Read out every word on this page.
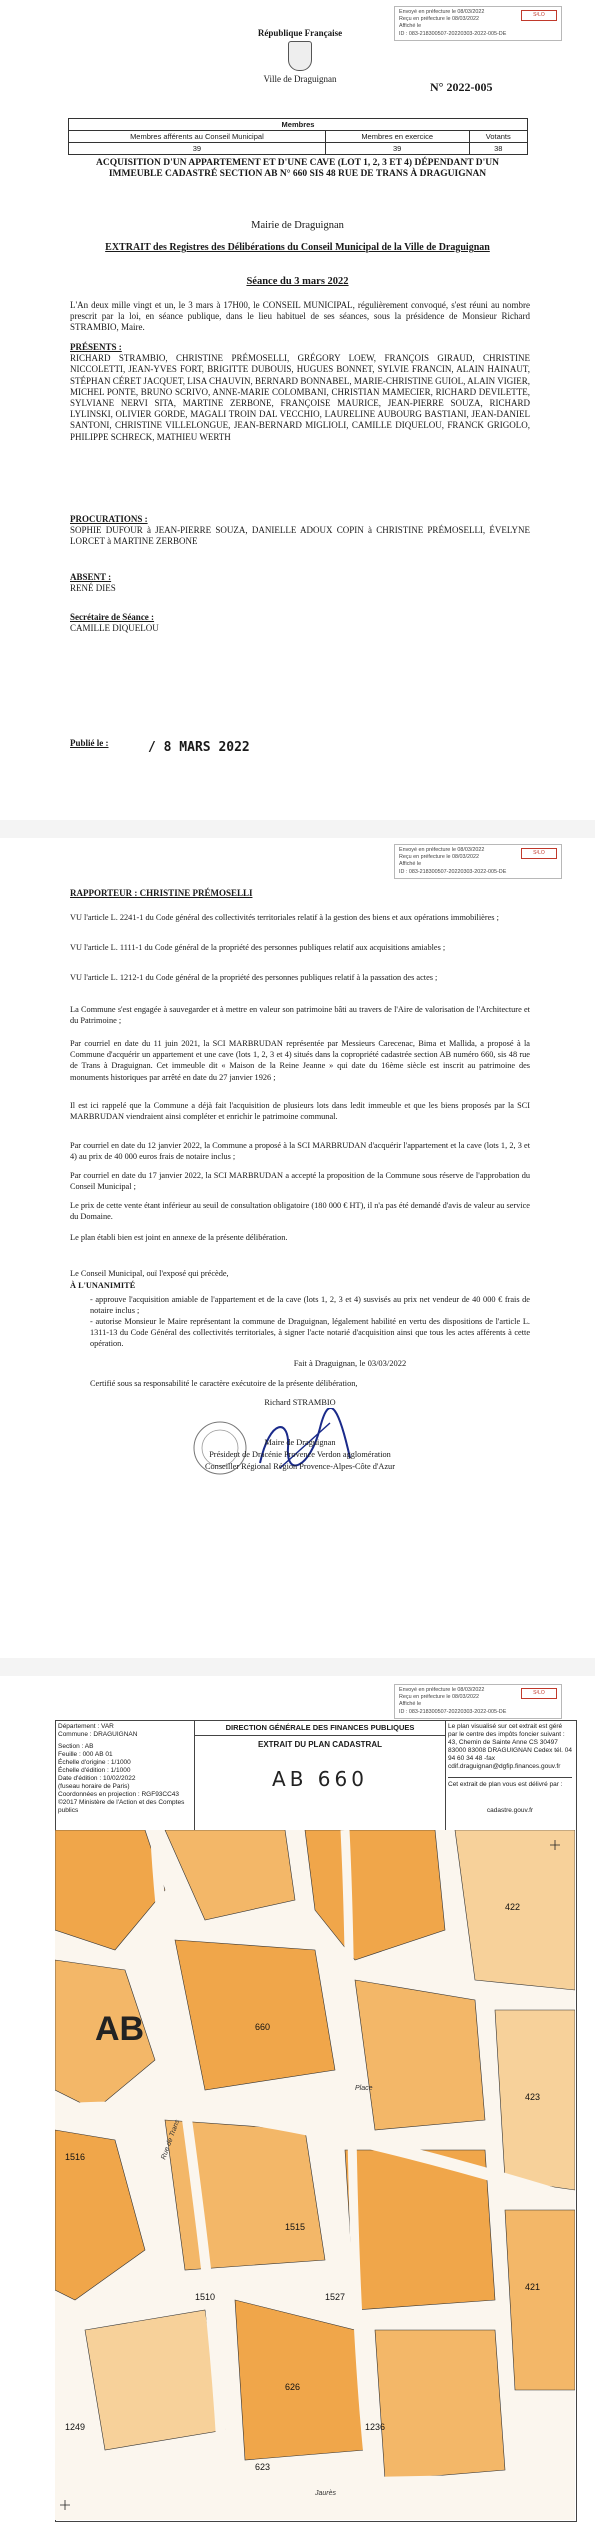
Envoyé en préfecture le 08/03/2022
Reçu en préfecture le 08/03/2022
Affiché le
ID : 083-218300507-20220303-2022-005-DE
S²LO
République Française
Ville de Draguignan
N° 2022-005
Membres		
Membres afférents au Conseil Municipal	Membres en exercice	Votants
39	39	38
ACQUISITION D'UN APPARTEMENT ET D'UNE CAVE (LOT 1, 2, 3 ET 4) DÉPENDANT D'UN IMMEUBLE CADASTRÉ SECTION AB N° 660 SIS 48 RUE DE TRANS À DRAGUIGNAN
Mairie de Draguignan
EXTRAIT des Registres des Délibérations du Conseil Municipal de la Ville de Draguignan
Séance du 3 mars 2022
L'An deux mille vingt et un, le 3 mars à 17H00, le CONSEIL MUNICIPAL, régulièrement convoqué, s'est réuni au nombre prescrit par la loi, en séance publique, dans le lieu habituel de ses séances, sous la présidence de Monsieur Richard STRAMBIO, Maire.
PRÉSENTS :
RICHARD STRAMBIO, CHRISTINE PRÉMOSELLI, GRÉGORY LOEW, FRANÇOIS GIRAUD, CHRISTINE NICCOLETTI, JEAN-YVES FORT, BRIGITTE DUBOUIS, HUGUES BONNET, SYLVIE FRANCIN, ALAIN HAINAUT, STÉPHAN CÉRET JACQUET, LISA CHAUVIN, BERNARD BONNABEL, MARIE-CHRISTINE GUIOL, ALAIN VIGIER, MICHEL PONTE, BRUNO SCRIVO, ANNE-MARIE COLOMBANI, CHRISTIAN MAMECIER, RICHARD DEVILETTE, SYLVIANE NERVI SITA, MARTINE ZERBONE, FRANÇOISE MAURICE, JEAN-PIERRE SOUZA, RICHARD LYLINSKI, OLIVIER GORDE, MAGALI TROIN DAL VECCHIO, LAURELINE AUBOURG BASTIANI, JEAN-DANIEL SANTONI, CHRISTINE VILLELONGUE, JEAN-BERNARD MIGLIOLI, CAMILLE DIQUELOU, FRANCK GRIGOLO, PHILIPPE SCHRECK, MATHIEU WERTH
PROCURATIONS :
SOPHIE DUFOUR à JEAN-PIERRE SOUZA, DANIELLE ADOUX COPIN à CHRISTINE PRÉMOSELLI, ÉVELYNE LORCET à MARTINE ZERBONE
ABSENT :
RENÉ DIES
Secrétaire de Séance :
CAMILLE DIQUELOU
Publié le :	/ 8 MARS 2022
Envoyé en préfecture le 08/03/2022
Reçu en préfecture le 08/03/2022
Affiché le
ID : 083-218300507-20220303-2022-005-DE
S²LO
RAPPORTEUR : CHRISTINE PRÉMOSELLI
VU l'article L. 2241-1 du Code général des collectivités territoriales relatif à la gestion des biens et aux opérations immobilières ;
VU l'article L. 1111-1 du Code général de la propriété des personnes publiques relatif aux acquisitions amiables ;
VU l'article L. 1212-1 du Code général de la propriété des personnes publiques relatif à la passation des actes ;
La Commune s'est engagée à sauvegarder et à mettre en valeur son patrimoine bâti au travers de l'Aire de valorisation de l'Architecture et du Patrimoine ;
Par courriel en date du 11 juin 2021, la SCI MARBRUDAN représentée par Messieurs Carecenac, Bima et Mallida, a proposé à la Commune d'acquérir un appartement et une cave (lots 1, 2, 3 et 4) situés dans la copropriété cadastrée section AB numéro 660, sis 48 rue de Trans à Draguignan. Cet immeuble dit « Maison de la Reine Jeanne » qui date du 16ème siècle est inscrit au patrimoine des monuments historiques par arrêté en date du 27 janvier 1926 ;
Il est ici rappelé que la Commune a déjà fait l'acquisition de plusieurs lots dans ledit immeuble et que les biens proposés par la SCI MARBRUDAN viendraient ainsi compléter et enrichir le patrimoine communal.
Par courriel en date du 12 janvier 2022, la Commune a proposé à la SCI MARBRUDAN d'acquérir l'appartement et la cave (lots 1, 2, 3 et 4) au prix de 40 000 euros frais de notaire inclus ;
Par courriel en date du 17 janvier 2022, la SCI MARBRUDAN a accepté la proposition de la Commune sous réserve de l'approbation du Conseil Municipal ;
Le prix de cette vente étant inférieur au seuil de consultation obligatoire (180 000 € HT), il n'a pas été demandé d'avis de valeur au service du Domaine.
Le plan établi bien est joint en annexe de la présente délibération.
Le Conseil Municipal, ouï l'exposé qui précède,
À L'UNANIMITÉ
- approuve l'acquisition amiable de l'appartement et de la cave (lots 1, 2, 3 et 4) susvisés au prix net vendeur de 40 000 € frais de notaire inclus ;
- autorise Monsieur le Maire représentant la commune de Draguignan, légalement habilité en vertu des dispositions de l'article L. 1311-13 du Code Général des collectivités territoriales, à signer l'acte notarié d'acquisition ainsi que tous les actes afférents à cette opération.
Fait à Draguignan, le 03/03/2022
Certifié sous sa responsabilité le caractère exécutoire de la présente délibération,
Richard STRAMBIO
Maire de Draguignan
Président de Dracénie Provence Verdon agglomération
Conseiller Régional Région Provence-Alpes-Côte d'Azur
Envoyé en préfecture le 08/03/2022
Reçu en préfecture le 08/03/2022
Affiché le
ID : 083-218300507-20220303-2022-005-DE
S²LO
Département : VAR
Commune : DRAGUIGNAN
Section : AB
Feuille : 000 AB 01
Échelle d'origine : 1/1000
Échelle d'édition : 1/1000
Date d'édition : 10/02/2022
(fuseau horaire de Paris)
Coordonnées en projection : RGF93CC43
©2017 Ministère de l'Action et des Comptes publics
DIRECTION GÉNÉRALE DES FINANCES PUBLIQUES
EXTRAIT DU PLAN CADASTRAL
AB 660
Le plan visualisé sur cet extrait est géré par le centre des impôts foncier suivant : 43, Chemin de Sainte Anne CS 30497 83000 83008 DRAGUIGNAN Cedex tél. 04 94 60 34 48 -fax cdif.draguignan@dgfip.finances.gouv.fr
Cet extrait de plan vous est délivré par :
cadastre.gouv.fr
AB	660
422
423
421
1516
1510
1515
626
1527
623
1249	1236
Rue de Trans
Place
Jaurès
